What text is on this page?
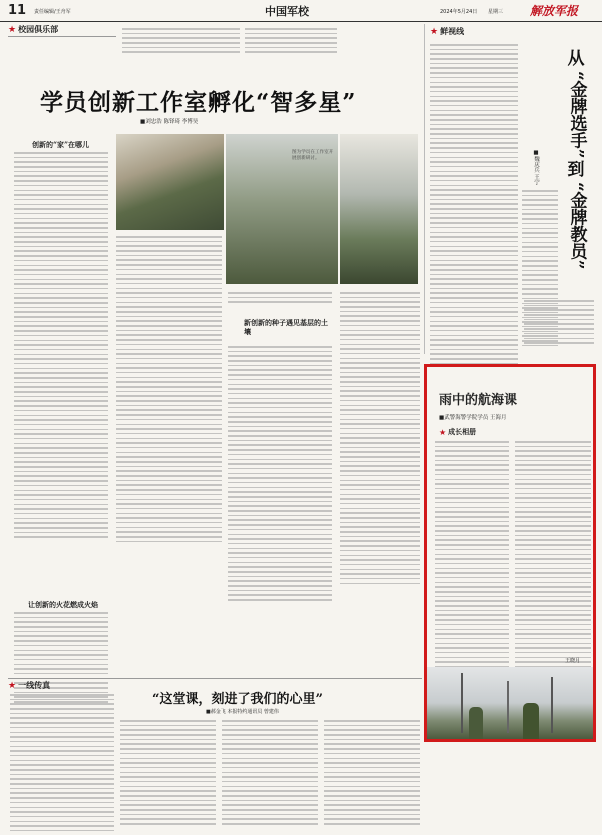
11 责任编辑/王舟军	中国军校	2024年5月24日 星期三 解放军报
★ 校园俱乐部
学员创新工作室孵化“智多星”
■刘忠浩 陈铎琦 李博昊
创新的“家”在哪儿
让创新的火花燃成火焰
图为学员在工作室开展创新研讨。
新创新的种子遇见基层的土壤
★ 鲜视线
从
“金牌选手”
到
“金牌教员”
■魏庆兵 王宁
雨中的航海课
■武警海警学院学员 王海月
★ 成长相册
王晓月
★ 一线传真
“这堂课，刻进了我们的心里”
■郝金飞 本报特约通讯员 曾建伟
